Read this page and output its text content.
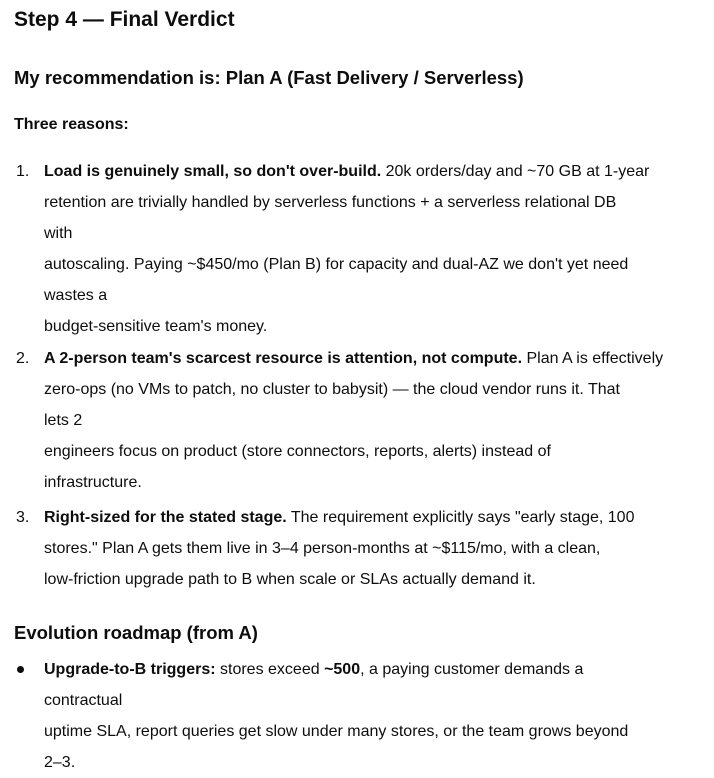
Step 4 — Final Verdict
My recommendation is: Plan A (Fast Delivery / Serverless)

Three reasons:

1. Load is genuinely small, so don't over-build. 20k orders/day and ~70 GB at 1-year
retention are trivially handled by serverless functions + a serverless relational DB
with
autoscaling. Paying ~$450/mo (Plan B) for capacity and dual-AZ we don't yet need
wastes a
budget-sensitive team's money.
2. A 2-person team's scarcest resource is attention, not compute. Plan A is effectively
zero-ops (no VMs to patch, no cluster to babysit) — the cloud vendor runs it. That
lets 2
engineers focus on product (store connectors, reports, alerts) instead of
infrastructure.
3. Right-sized for the stated stage. The requirement explicitly says "early stage, 100
stores." Plan A gets them live in 3–4 person-months at ~$115/mo, with a clean,
low-friction upgrade path to B when scale or SLAs actually demand it.
Evolution roadmap (from A)
Upgrade-to-B triggers: stores exceed ~500, a paying customer demands a
contractual
uptime SLA, report queries get slow under many stores, or the team grows beyond
2–3.
